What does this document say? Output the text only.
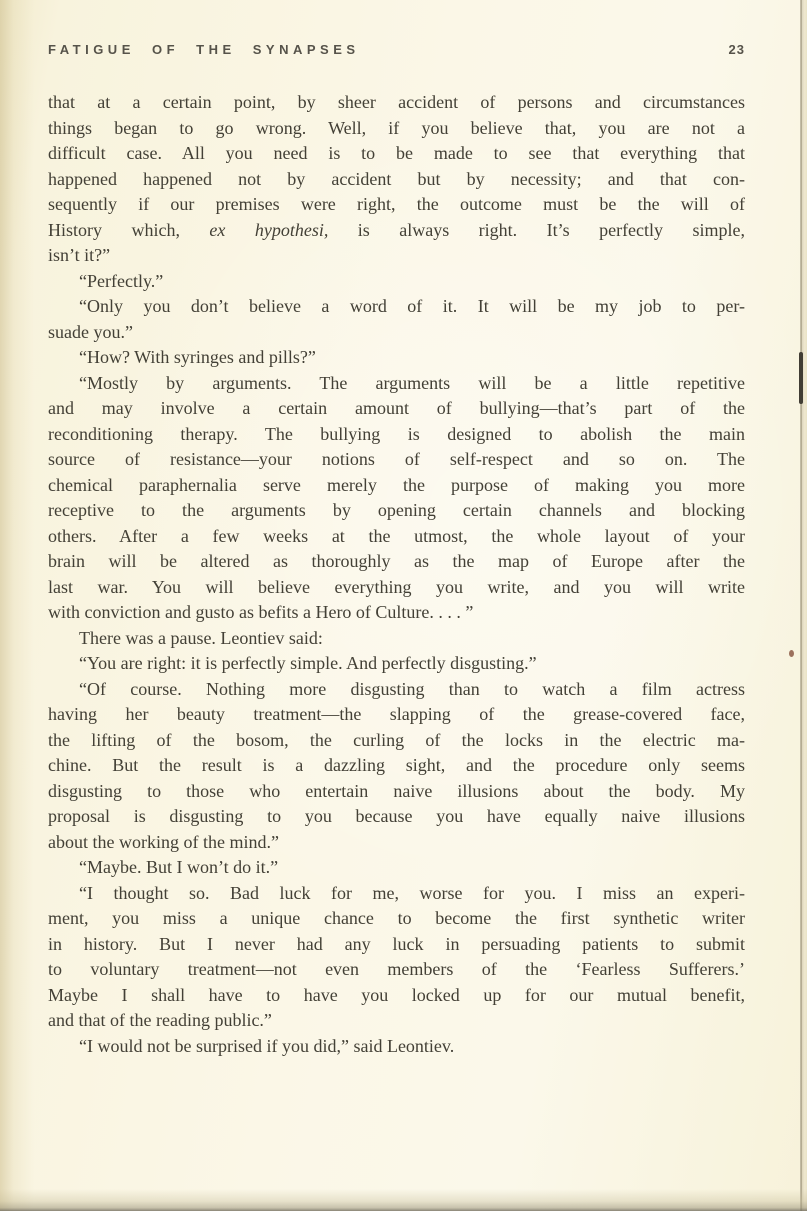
FATIGUE OF THE SYNAPSES	23

that at a certain point, by sheer accident of persons and circumstances
things began to go wrong. Well, if you believe that, you are not a
difficult case. All you need is to be made to see that everything that
happened happened not by accident but by necessity; and that con-
sequently if our premises were right, the outcome must be the will of
History which, ex hypothesi, is always right. It’s perfectly simple,
isn’t it?”

“Perfectly.”

“Only you don’t believe a word of it. It will be my job to per-
suade you.”

“How? With syringes and pills?”

“Mostly by arguments. The arguments will be a little repetitive
and may involve a certain amount of bullying—that’s part of the
reconditioning therapy. The bullying is designed to abolish the main
source of resistance—your notions of self-respect and so on. The
chemical paraphernalia serve merely the purpose of making you more
receptive to the arguments by opening certain channels and blocking
others. After a few weeks at the utmost, the whole layout of your
brain will be altered as thoroughly as the map of Europe after the
last war. You will believe everything you write, and you will write
with conviction and gusto as befits a Hero of Culture. . . . ”

There was a pause. Leontiev said:

“You are right: it is perfectly simple. And perfectly disgusting.”

“Of course. Nothing more disgusting than to watch a film actress
having her beauty treatment—the slapping of the grease-covered face,
the lifting of the bosom, the curling of the locks in the electric ma-
chine. But the result is a dazzling sight, and the procedure only seems
disgusting to those who entertain naive illusions about the body. My
proposal is disgusting to you because you have equally naive illusions
about the working of the mind.”

“Maybe. But I won’t do it.”

“I thought so. Bad luck for me, worse for you. I miss an experi-
ment, you miss a unique chance to become the first synthetic writer
in history. But I never had any luck in persuading patients to submit
to voluntary treatment—not even members of the ‘Fearless Sufferers.’
Maybe I shall have to have you locked up for our mutual benefit,
and that of the reading public.”

“I would not be surprised if you did,” said Leontiev.
